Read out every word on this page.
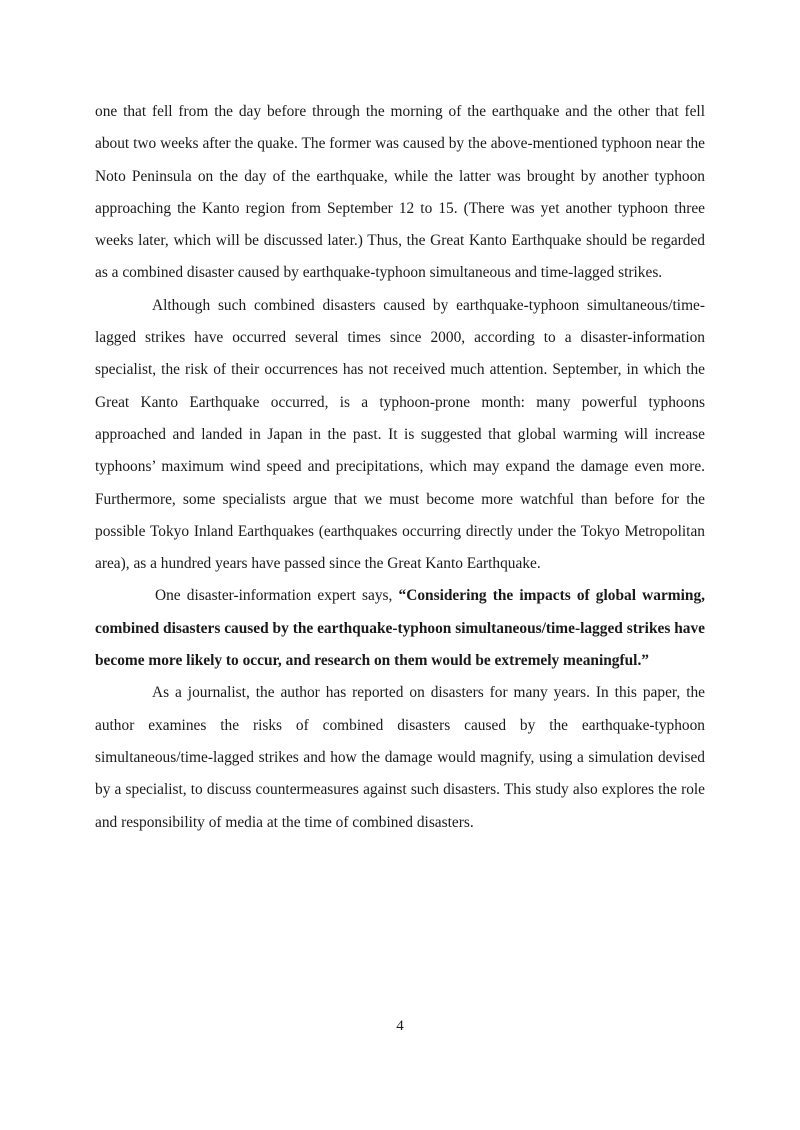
one that fell from the day before through the morning of the earthquake and the other that fell about two weeks after the quake. The former was caused by the above-mentioned typhoon near the Noto Peninsula on the day of the earthquake, while the latter was brought by another typhoon approaching the Kanto region from September 12 to 15. (There was yet another typhoon three weeks later, which will be discussed later.) Thus, the Great Kanto Earthquake should be regarded as a combined disaster caused by earthquake-typhoon simultaneous and time-lagged strikes.

Although such combined disasters caused by earthquake-typhoon simultaneous/time-lagged strikes have occurred several times since 2000, according to a disaster-information specialist, the risk of their occurrences has not received much attention. September, in which the Great Kanto Earthquake occurred, is a typhoon-prone month: many powerful typhoons approached and landed in Japan in the past. It is suggested that global warming will increase typhoons’ maximum wind speed and precipitations, which may expand the damage even more. Furthermore, some specialists argue that we must become more watchful than before for the possible Tokyo Inland Earthquakes (earthquakes occurring directly under the Tokyo Metropolitan area), as a hundred years have passed since the Great Kanto Earthquake.

One disaster-information expert says, “Considering the impacts of global warming, combined disasters caused by the earthquake-typhoon simultaneous/time-lagged strikes have become more likely to occur, and research on them would be extremely meaningful.”

As a journalist, the author has reported on disasters for many years. In this paper, the author examines the risks of combined disasters caused by the earthquake-typhoon simultaneous/time-lagged strikes and how the damage would magnify, using a simulation devised by a specialist, to discuss countermeasures against such disasters. This study also explores the role and responsibility of media at the time of combined disasters.

4
